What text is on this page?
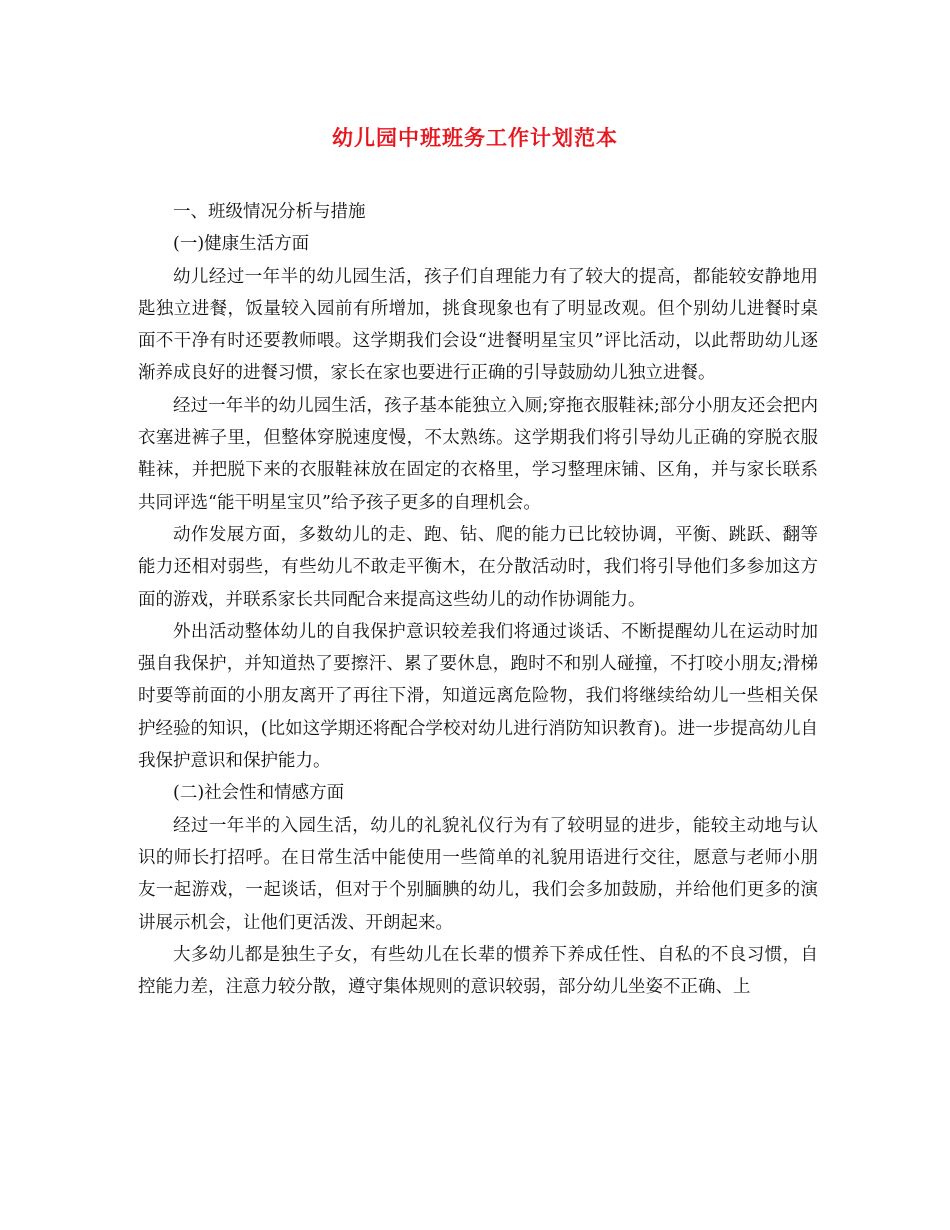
幼儿园中班班务工作计划范本

一、班级情况分析与措施

(一)健康生活方面

幼儿经过一年半的幼儿园生活，孩子们自理能力有了较大的提高，都能较安静地用匙独立进餐，饭量较入园前有所增加，挑食现象也有了明显改观。但个别幼儿进餐时桌面不干净有时还要教师喂。这学期我们会设“进餐明星宝贝”评比活动，以此帮助幼儿逐渐养成良好的进餐习惯，家长在家也要进行正确的引导鼓励幼儿独立进餐。

经过一年半的幼儿园生活，孩子基本能独立入厕;穿拖衣服鞋袜;部分小朋友还会把内衣塞进裤子里，但整体穿脱速度慢，不太熟练。这学期我们将引导幼儿正确的穿脱衣服鞋袜，并把脱下来的衣服鞋袜放在固定的衣格里，学习整理床铺、区角，并与家长联系共同评选“能干明星宝贝”给予孩子更多的自理机会。

动作发展方面，多数幼儿的走、跑、钻、爬的能力已比较协调，平衡、跳跃、翻等能力还相对弱些，有些幼儿不敢走平衡木，在分散活动时，我们将引导他们多参加这方面的游戏，并联系家长共同配合来提高这些幼儿的动作协调能力。

外出活动整体幼儿的自我保护意识较差我们将通过谈话、不断提醒幼儿在运动时加强自我保护，并知道热了要擦汗、累了要休息，跑时不和别人碰撞，不打咬小朋友;滑梯时要等前面的小朋友离开了再往下滑，知道远离危险物，我们将继续给幼儿一些相关保护经验的知识，(比如这学期还将配合学校对幼儿进行消防知识教育)。进一步提高幼儿自我保护意识和保护能力。

(二)社会性和情感方面

经过一年半的入园生活，幼儿的礼貌礼仪行为有了较明显的进步，能较主动地与认识的师长打招呼。在日常生活中能使用一些简单的礼貌用语进行交往，愿意与老师小朋友一起游戏，一起谈话，但对于个别腼腆的幼儿，我们会多加鼓励，并给他们更多的演讲展示机会，让他们更活泼、开朗起来。

大多幼儿都是独生子女，有些幼儿在长辈的惯养下养成任性、自私的不良习惯，自控能力差，注意力较分散，遵守集体规则的意识较弱，部分幼儿坐姿不正确、上
